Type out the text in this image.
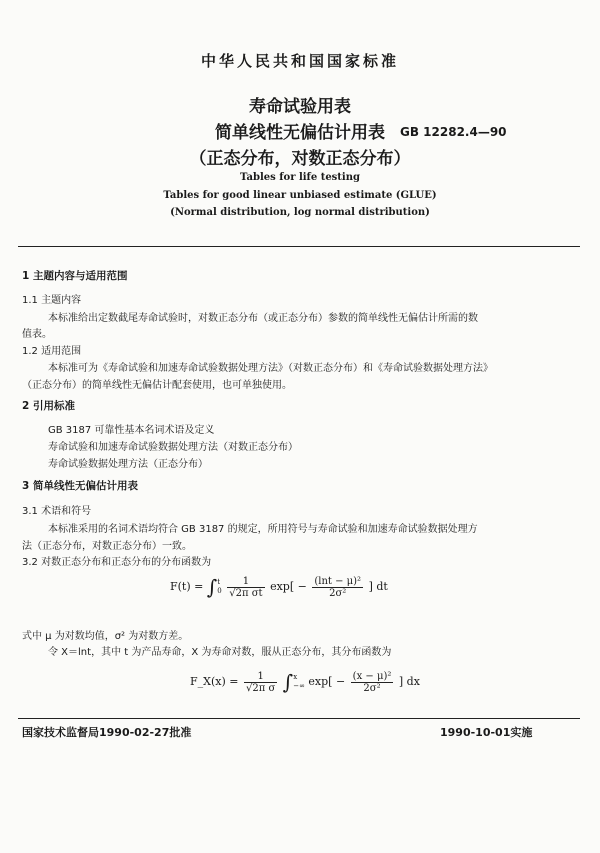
中华人民共和国国家标准
寿命试验用表
简单线性无偏估计用表
（正态分布，对数正态分布）
GB 12282.4—90
Tables for life testing
Tables for good linear unbiased estimate (GLUE)
(Normal distribution, log normal distribution)
1 主题内容与适用范围
1.1 主题内容
本标准给出定数截尾寿命试验时，对数正态分布（或正态分布）参数的简单线性无偏估计所需的数
值表。
1.2 适用范围
本标准可为《寿命试验和加速寿命试验数据处理方法》（对数正态分布）和《寿命试验数据处理方法》
（正态分布）的简单线性无偏估计配套使用，也可单独使用。
2 引用标准
GB 3187 可靠性基本名词术语及定义
寿命试验和加速寿命试验数据处理方法（对数正态分布）
寿命试验数据处理方法（正态分布）
3 简单线性无偏估计用表
3.1 术语和符号
本标准采用的名词术语均符合 GB 3187 的规定，所用符号与寿命试验和加速寿命试验数据处理方
法（正态分布，对数正态分布）一致。
3.2 对数正态分布和正态分布的分布函数为
F(t) = ∫t
$0 \frac{1}{\text{√2π σt}} \exp[ - \frac{\text{(lnt − μ)²}}{\text{2σ²}}$ ] dt
式中 μ 为对数均值，σ² 为对数方差。
令 X＝lnt，其中 t 为产品寿命，X 为寿命对数，服从正态分布，其分布函数为
F_X(x) = $\frac{1}{\text{√2π σ}} \int x$
−∞ $\exp[ - \frac{\text{(x − μ)²}}{\text{2σ²}}$ ] dx
国家技术监督局1990-02-27批准	1990-10-01实施
